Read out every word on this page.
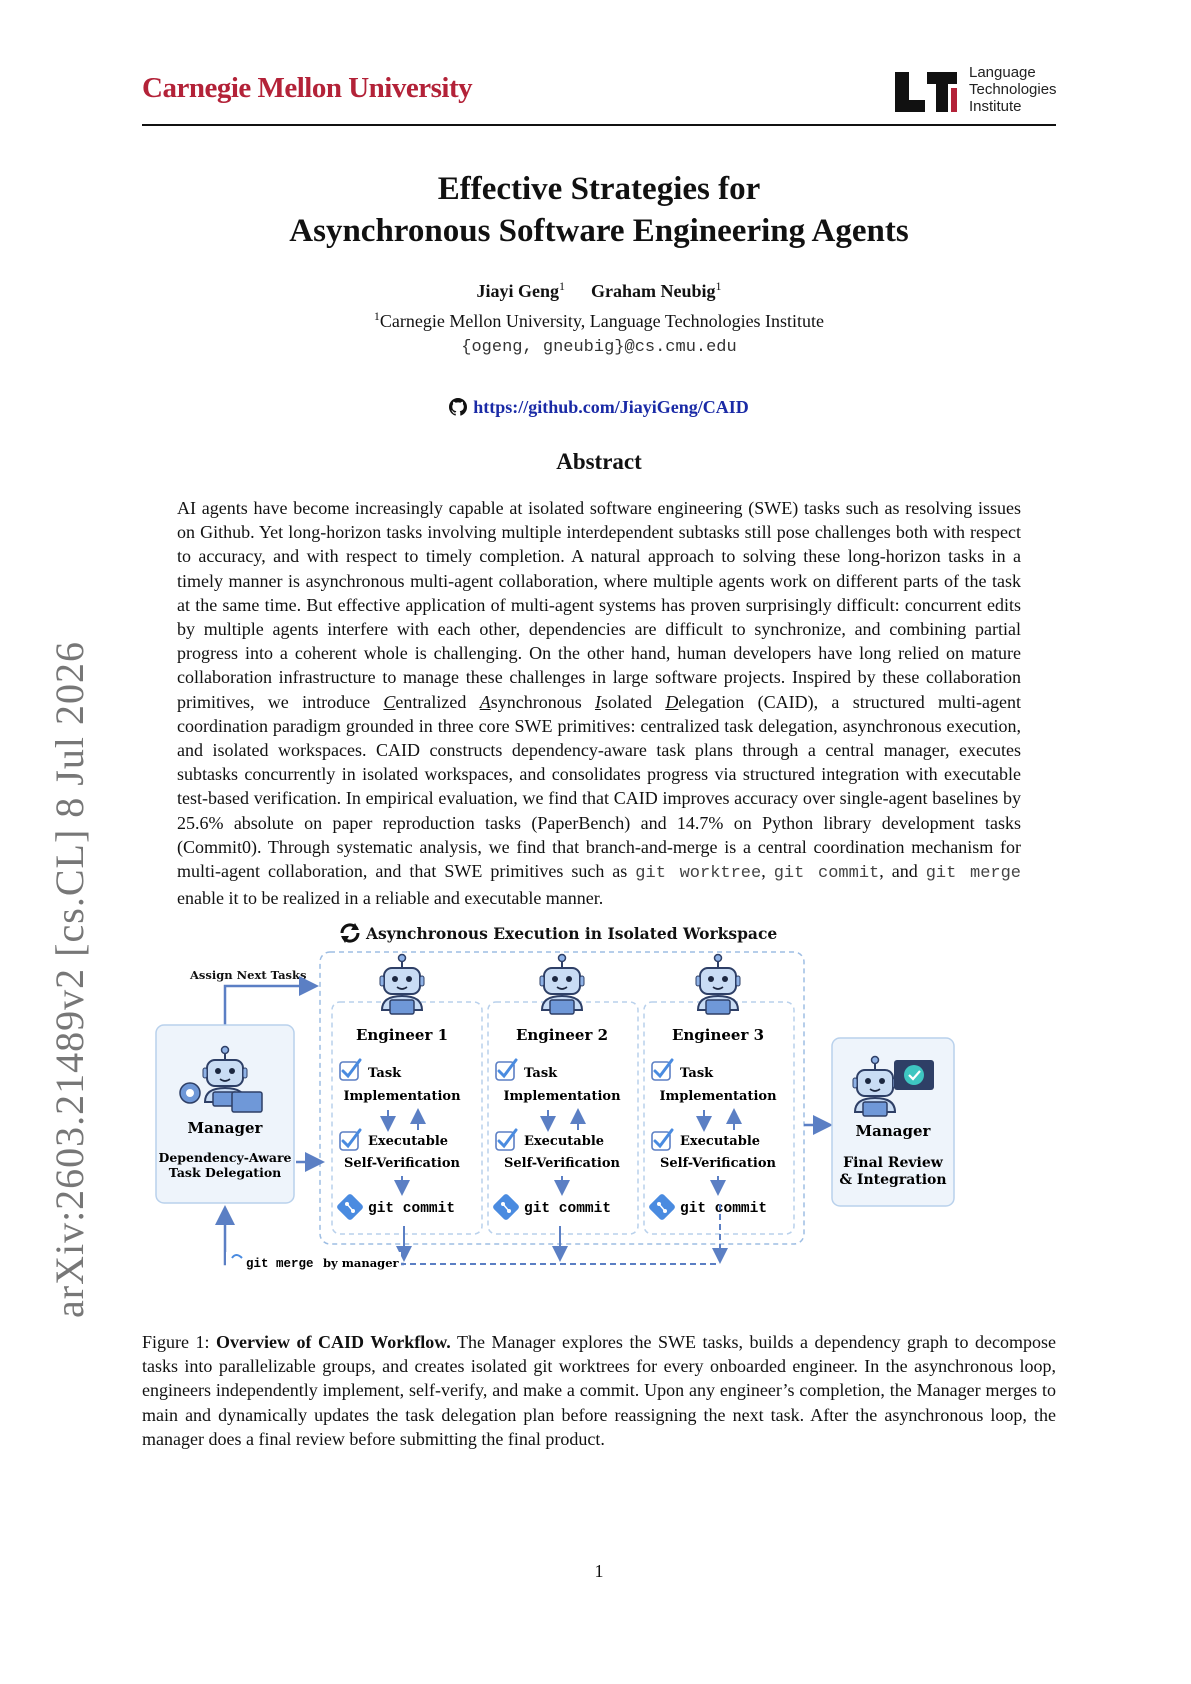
Carnegie Mellon University	Language
Technologies
Institute
Effective Strategies for
Asynchronous Software Engineering Agents
Jiayi Geng$^1$ Graham Neubig$^1$
$^1$Carnegie Mellon University, Language Technologies Institute
{ogeng, gneubig}@cs.cmu.edu
https://github.com/JiayiGeng/CAID
Abstract
AI agents have become increasingly capable at isolated software engineering (SWE) tasks such as resolving issues on Github. Yet long-horizon tasks involving multiple interdependent subtasks still pose challenges both with respect to accuracy, and with respect to timely completion. A natural approach to solving these long-horizon tasks in a timely manner is asynchronous multi-agent collaboration, where multiple agents work on different parts of the task at the same time. But effective application of multi-agent systems has proven surprisingly difficult: concurrent edits by multiple agents interfere with each other, dependencies are difficult to synchronize, and combining partial progress into a coherent whole is challenging. On the other hand, human developers have long relied on mature collaboration infrastructure to manage these challenges in large software projects. Inspired by these collaboration primitives, we introduce Centralized Asynchronous Isolated Delegation (CAID), a structured multi-agent coordination paradigm grounded in three core SWE primitives: centralized task delegation, asynchronous execution, and isolated workspaces. CAID constructs dependency-aware task plans through a central manager, executes subtasks concurrently in isolated workspaces, and consolidates progress via structured integration with executable test-based verification. In empirical evaluation, we find that CAID improves accuracy over single-agent baselines by 25.6% absolute on paper reproduction tasks (PaperBench) and 14.7% on Python library development tasks (Commit0). Through systematic analysis, we find that branch-and-merge is a central coordination mechanism for multi-agent collaboration, and that SWE primitives such as git worktree, git commit, and git merge enable it to be realized in a reliable and executable manner.
arXiv:2603.21489v2 [cs.CL] 8 Jul 2026	Asynchronous Execution in Isolated Workspace
Assign Next Tasks
Manager
Dependency-Aware
Task Delegation
Engineer 1
Task
Implementation
Executable
Self-Verification
git commit
Engineer 2
Task
Implementation
Executable
Self-Verification
git commit
Engineer 3
Task
Implementation
Executable
Self-Verification
git commit
Manager
Final Review
& Integration
git merge by manager
Figure 1: Overview of CAID Workflow. The Manager explores the SWE tasks, builds a dependency graph to decompose tasks into parallelizable groups, and creates isolated git worktrees for every onboarded engineer. In the asynchronous loop, engineers independently implement, self-verify, and make a commit. Upon any engineer’s completion, the Manager merges to main and dynamically updates the task delegation plan before reassigning the next task. After the asynchronous loop, the manager does a final review before submitting the final product.
1
